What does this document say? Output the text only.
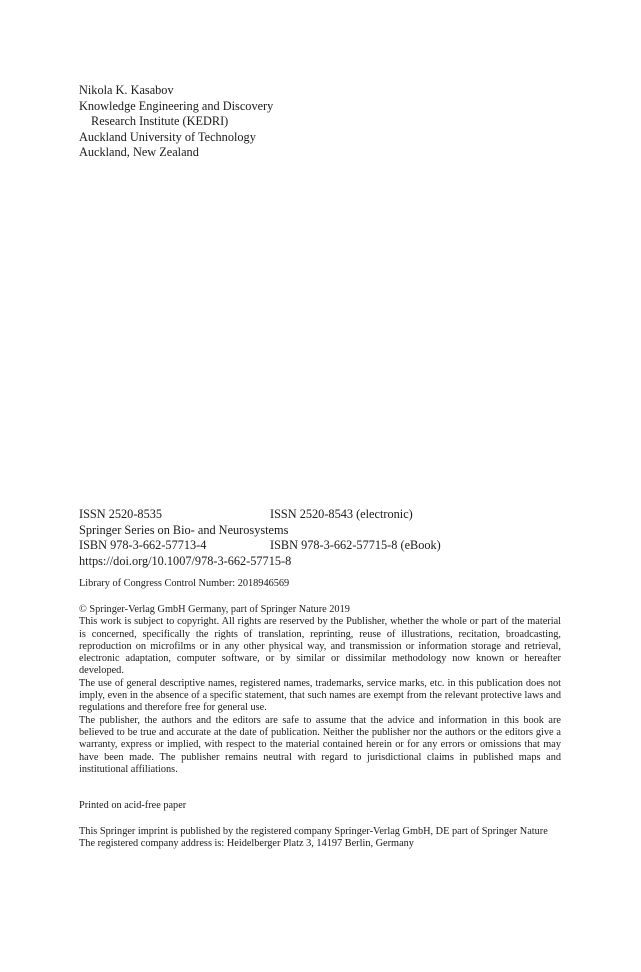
Nikola K. Kasabov
Knowledge Engineering and Discovery
Research Institute (KEDRI)
Auckland University of Technology
Auckland, New Zealand
ISSN 2520-8535	ISSN 2520-8543 (electronic)
Springer Series on Bio- and Neurosystems
ISBN 978-3-662-57713-4	ISBN 978-3-662-57715-8 (eBook)
https://doi.org/10.1007/978-3-662-57715-8
Library of Congress Control Number: 2018946569

© Springer-Verlag GmbH Germany, part of Springer Nature 2019

This work is subject to copyright. All rights are reserved by the Publisher, whether the whole or part of the material is concerned, specifically the rights of translation, reprinting, reuse of illustrations, recitation, broadcasting, reproduction on microfilms or in any other physical way, and transmission or information storage and retrieval, electronic adaptation, computer software, or by similar or dissimilar methodology now known or hereafter developed.

The use of general descriptive names, registered names, trademarks, service marks, etc. in this publication does not imply, even in the absence of a specific statement, that such names are exempt from the relevant protective laws and regulations and therefore free for general use.

The publisher, the authors and the editors are safe to assume that the advice and information in this book are believed to be true and accurate at the date of publication. Neither the publisher nor the authors or the editors give a warranty, express or implied, with respect to the material contained herein or for any errors or omissions that may have been made. The publisher remains neutral with regard to jurisdictional claims in published maps and institutional affiliations.

Printed on acid-free paper

This Springer imprint is published by the registered company Springer-Verlag GmbH, DE part of Springer Nature

The registered company address is: Heidelberger Platz 3, 14197 Berlin, Germany
